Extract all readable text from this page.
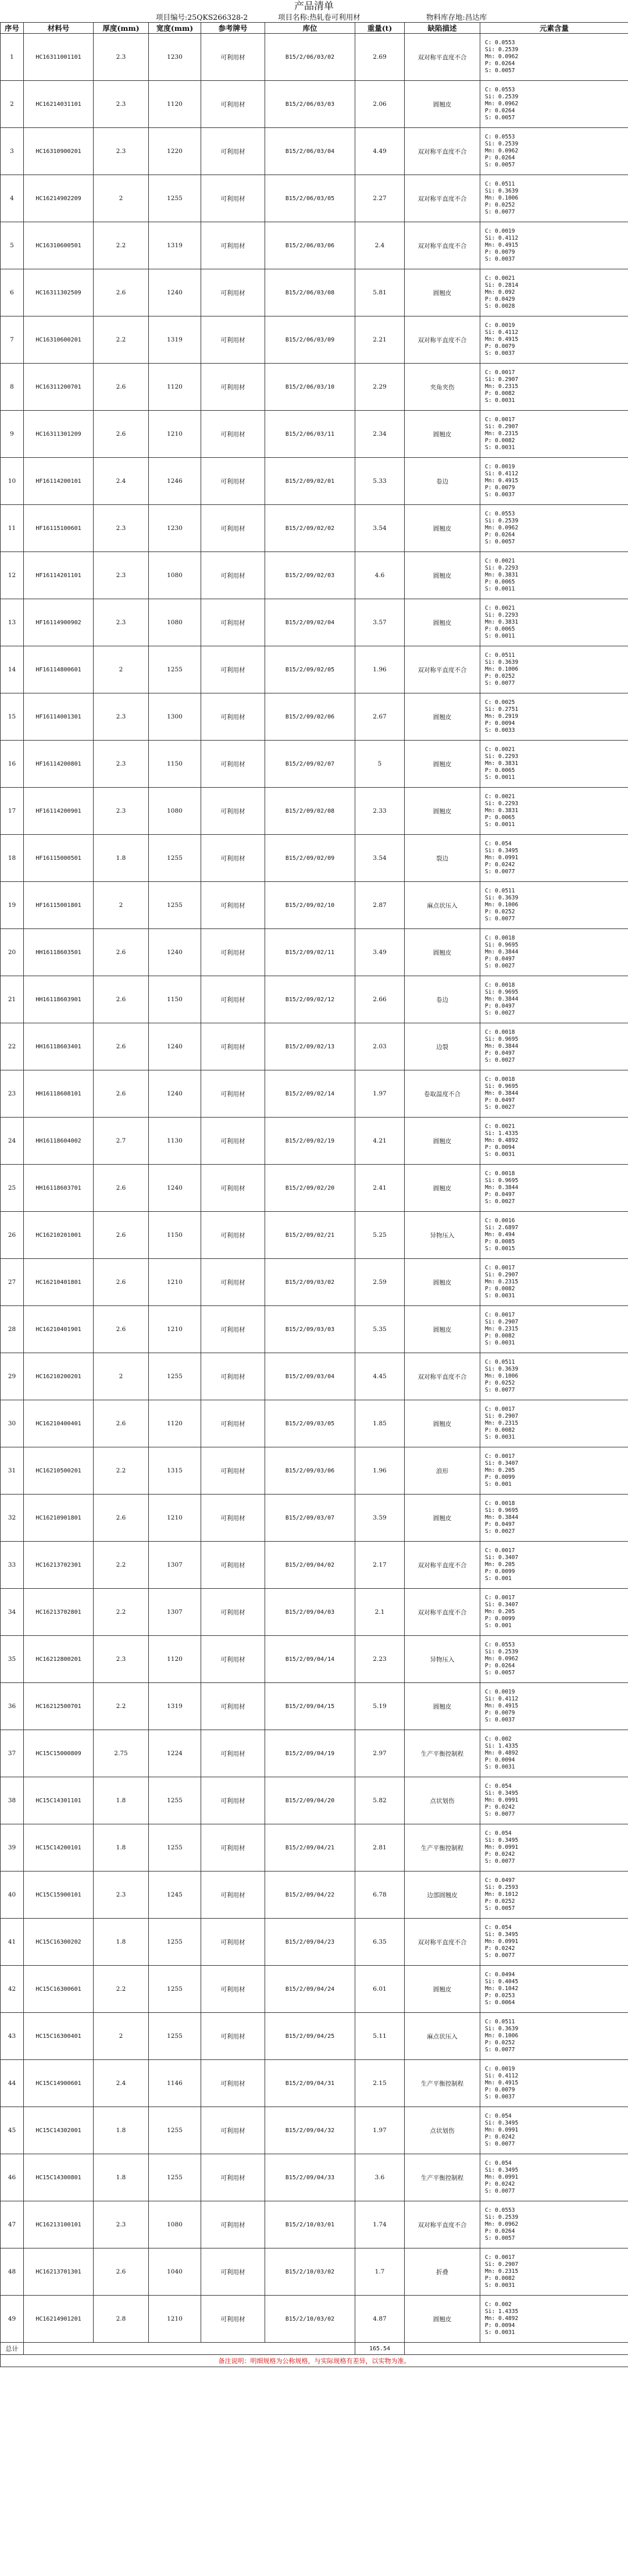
产品清单
项目编号:25QKS266328-2	项目名称:热轧卷可利用材	物料库存地:昌达库
序号	材料号	厚度(mm)	宽度(mm)	参考牌号	库位	重量(t)	缺陷描述	元素含量
1	HC16311001101	2.3	1230	可利用材	B15/2/06/03/02	2.69	双对称平直度不合	C: 0.0553
Si: 0.2539
Mn: 0.0962
P: 0.0264
S: 0.0057

2	HC16214031101	2.3	1120	可利用材	B15/2/06/03/03	2.06	圆翘皮	C: 0.0553
Si: 0.2539
Mn: 0.0962
P: 0.0264
S: 0.0057

3	HC16310900201	2.3	1220	可利用材	B15/2/06/03/04	4.49	双对称平直度不合	C: 0.0553
Si: 0.2539
Mn: 0.0962
P: 0.0264
S: 0.0057

4	HC16214902209	2	1255	可利用材	B15/2/06/03/05	2.27	双对称平直度不合	C: 0.0511
Si: 0.3639
Mn: 0.1006
P: 0.0252
S: 0.0077

5	HC16310600501	2.2	1319	可利用材	B15/2/06/03/06	2.4	双对称平直度不合	C: 0.0019
Si: 0.4112
Mn: 0.4915
P: 0.0079
S: 0.0037

6	HC16311302509	2.6	1240	可利用材	B15/2/06/03/08	5.81	圆翘皮	C: 0.0021
Si: 0.2814
Mn: 0.092
P: 0.0429
S: 0.0028

7	HC16310600201	2.2	1319	可利用材	B15/2/06/03/09	2.21	双对称平直度不合	C: 0.0019
Si: 0.4112
Mn: 0.4915
P: 0.0079
S: 0.0037

8	HC16311200701	2.6	1120	可利用材	B15/2/06/03/10	2.29	夹角夹伤	C: 0.0017
Si: 0.2907
Mn: 0.2315
P: 0.0082
S: 0.0031

9	HC16311301209	2.6	1210	可利用材	B15/2/06/03/11	2.34	圆翘皮	C: 0.0017
Si: 0.2907
Mn: 0.2315
P: 0.0082
S: 0.0031

10	HF16114200101	2.4	1246	可利用材	B15/2/09/02/01	5.33	卷边	C: 0.0019
Si: 0.4112
Mn: 0.4915
P: 0.0079
S: 0.0037

11	HF16115100601	2.3	1230	可利用材	B15/2/09/02/02	3.54	圆翘皮	C: 0.0553
Si: 0.2539
Mn: 0.0962
P: 0.0264
S: 0.0057

12	HF16114201101	2.3	1080	可利用材	B15/2/09/02/03	4.6	圆翘皮	C: 0.0021
Si: 0.2293
Mn: 0.3831
P: 0.0065
S: 0.0011

13	HF16114900902	2.3	1080	可利用材	B15/2/09/02/04	3.57	圆翘皮	C: 0.0021
Si: 0.2293
Mn: 0.3831
P: 0.0065
S: 0.0011

14	HF16114800601	2	1255	可利用材	B15/2/09/02/05	1.96	双对称平直度不合	C: 0.0511
Si: 0.3639
Mn: 0.1006
P: 0.0252
S: 0.0077

15	HF16114001301	2.3	1300	可利用材	B15/2/09/02/06	2.67	圆翘皮	C: 0.0025
Si: 0.2751
Mn: 0.2919
P: 0.0094
S: 0.0033

16	HF16114200801	2.3	1150	可利用材	B15/2/09/02/07	5	圆翘皮	C: 0.0021
Si: 0.2293
Mn: 0.3831
P: 0.0065
S: 0.0011

17	HF16114200901	2.3	1080	可利用材	B15/2/09/02/08	2.33	圆翘皮	C: 0.0021
Si: 0.2293
Mn: 0.3831
P: 0.0065
S: 0.0011

18	HF16115000501	1.8	1255	可利用材	B15/2/09/02/09	3.54	裂边	C: 0.054
Si: 0.3495
Mn: 0.0991
P: 0.0242
S: 0.0077

19	HF16115001801	2	1255	可利用材	B15/2/09/02/10	2.87	麻点状压入	C: 0.0511
Si: 0.3639
Mn: 0.1006
P: 0.0252
S: 0.0077

20	HH16118603501	2.6	1240	可利用材	B15/2/09/02/11	3.49	圆翘皮	C: 0.0018
Si: 0.9695
Mn: 0.3844
P: 0.0497
S: 0.0027

21	HH16118603901	2.6	1150	可利用材	B15/2/09/02/12	2.66	卷边	C: 0.0018
Si: 0.9695
Mn: 0.3844
P: 0.0497
S: 0.0027

22	HH16118603401	2.6	1240	可利用材	B15/2/09/02/13	2.03	边裂	C: 0.0018
Si: 0.9695
Mn: 0.3844
P: 0.0497
S: 0.0027

23	HH16118608101	2.6	1240	可利用材	B15/2/09/02/14	1.97	卷取温度不合	C: 0.0018
Si: 0.9695
Mn: 0.3844
P: 0.0497
S: 0.0027

24	HH16118604002	2.7	1130	可利用材	B15/2/09/02/19	4.21	圆翘皮	C: 0.0021
Si: 1.4335
Mn: 0.4892
P: 0.0094
S: 0.0031

25	HH16118603701	2.6	1240	可利用材	B15/2/09/02/20	2.41	圆翘皮	C: 0.0018
Si: 0.9695
Mn: 0.3844
P: 0.0497
S: 0.0027

26	HC16210201001	2.6	1150	可利用材	B15/2/09/02/21	5.25	异物压入	C: 0.0016
Si: 2.6897
Mn: 0.494
P: 0.0085
S: 0.0015

27	HC16210401801	2.6	1210	可利用材	B15/2/09/03/02	2.59	圆翘皮	C: 0.0017
Si: 0.2907
Mn: 0.2315
P: 0.0082
S: 0.0031

28	HC16210401901	2.6	1210	可利用材	B15/2/09/03/03	5.35	圆翘皮	C: 0.0017
Si: 0.2907
Mn: 0.2315
P: 0.0082
S: 0.0031

29	HC16210200201	2	1255	可利用材	B15/2/09/03/04	4.45	双对称平直度不合	C: 0.0511
Si: 0.3639
Mn: 0.1006
P: 0.0252
S: 0.0077

30	HC16210400401	2.6	1120	可利用材	B15/2/09/03/05	1.85	圆翘皮	C: 0.0017
Si: 0.2907
Mn: 0.2315
P: 0.0082
S: 0.0031

31	HC16210500201	2.2	1315	可利用材	B15/2/09/03/06	1.96	浪形	C: 0.0017
Si: 0.3407
Mn: 0.205
P: 0.0099
S: 0.001

32	HC16210901801	2.6	1210	可利用材	B15/2/09/03/07	3.59	圆翘皮	C: 0.0018
Si: 0.9695
Mn: 0.3844
P: 0.0497
S: 0.0027

33	HC16213702301	2.2	1307	可利用材	B15/2/09/04/02	2.17	双对称平直度不合	C: 0.0017
Si: 0.3407
Mn: 0.205
P: 0.0099
S: 0.001

34	HC16213702801	2.2	1307	可利用材	B15/2/09/04/03	2.1	双对称平直度不合	C: 0.0017
Si: 0.3407
Mn: 0.205
P: 0.0099
S: 0.001

35	HC16212800201	2.3	1120	可利用材	B15/2/09/04/14	2.23	异物压入	C: 0.0553
Si: 0.2539
Mn: 0.0962
P: 0.0264
S: 0.0057

36	HC16212500701	2.2	1319	可利用材	B15/2/09/04/15	5.19	圆翘皮	C: 0.0019
Si: 0.4112
Mn: 0.4915
P: 0.0079
S: 0.0037

37	HC15C15000809	2.75	1224	可利用材	B15/2/09/04/19	2.97	生产平衡控制程	C: 0.002
Si: 1.4335
Mn: 0.4892
P: 0.0094
S: 0.0031

38	HC15C14301101	1.8	1255	可利用材	B15/2/09/04/20	5.82	点状划伤	C: 0.054
Si: 0.3495
Mn: 0.0991
P: 0.0242
S: 0.0077

39	HC15C14200101	1.8	1255	可利用材	B15/2/09/04/21	2.81	生产平衡控制程	C: 0.054
Si: 0.3495
Mn: 0.0991
P: 0.0242
S: 0.0077

40	HC15C15900101	2.3	1245	可利用材	B15/2/09/04/22	6.78	边部圆翘皮	C: 0.0497
Si: 0.2593
Mn: 0.1012
P: 0.0252
S: 0.0057

41	HC15C16300202	1.8	1255	可利用材	B15/2/09/04/23	6.35	双对称平直度不合	C: 0.054
Si: 0.3495
Mn: 0.0991
P: 0.0242
S: 0.0077

42	HC15C16300601	2.2	1255	可利用材	B15/2/09/04/24	6.01	圆翘皮	C: 0.0494
Si: 0.4045
Mn: 0.1042
P: 0.0253
S: 0.0064

43	HC15C16300401	2	1255	可利用材	B15/2/09/04/25	5.11	麻点状压入	C: 0.0511
Si: 0.3639
Mn: 0.1006
P: 0.0252
S: 0.0077

44	HC15C14900601	2.4	1146	可利用材	B15/2/09/04/31	2.15	生产平衡控制程	C: 0.0019
Si: 0.4112
Mn: 0.4915
P: 0.0079
S: 0.0037

45	HC15C14302001	1.8	1255	可利用材	B15/2/09/04/32	1.97	点状划伤	C: 0.054
Si: 0.3495
Mn: 0.0991
P: 0.0242
S: 0.0077

46	HC15C14300801	1.8	1255	可利用材	B15/2/09/04/33	3.6	生产平衡控制程	C: 0.054
Si: 0.3495
Mn: 0.0991
P: 0.0242
S: 0.0077

47	HC16213100101	2.3	1080	可利用材	B15/2/10/03/01	1.74	双对称平直度不合	C: 0.0553
Si: 0.2539
Mn: 0.0962
P: 0.0264
S: 0.0057

48	HC16213701301	2.6	1040	可利用材	B15/2/10/03/02	1.7	折叠	C: 0.0017
Si: 0.2907
Mn: 0.2315
P: 0.0082
S: 0.0031

49	HC16214901201	2.8	1210	可利用材	B15/2/10/03/02	4.87	圆翘皮	C: 0.002
Si: 1.4335
Mn: 0.4892
P: 0.0094
S: 0.0031

总计						165.54		
备注说明：明细规格为公称规格，与实际规格有差异，以实物为准。								
